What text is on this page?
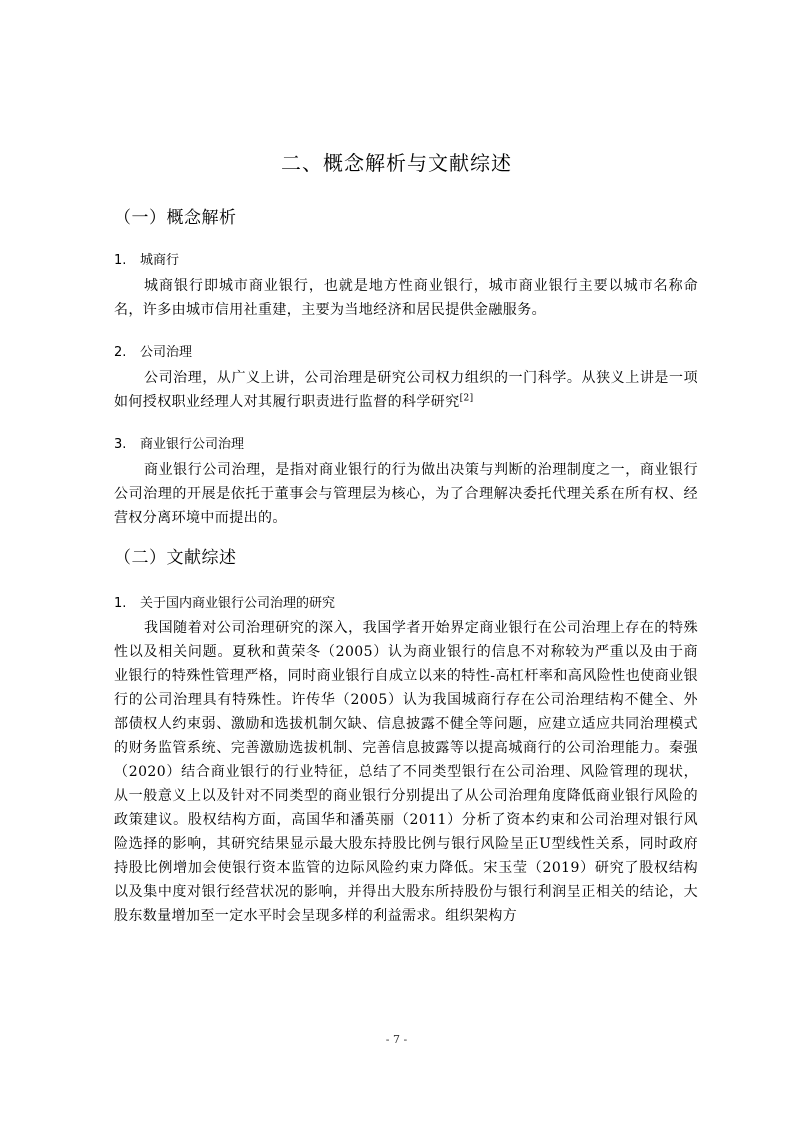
二、概念解析与文献综述
（一）概念解析
1. 城商行
城商银行即城市商业银行，也就是地方性商业银行，城市商业银行主要以城市名称命名，许多由城市信用社重建，主要为当地经济和居民提供金融服务。
2. 公司治理
公司治理，从广义上讲，公司治理是研究公司权力组织的一门科学。从狭义上讲是一项如何授权职业经理人对其履行职责进行监督的科学研究[2]
3. 商业银行公司治理
商业银行公司治理，是指对商业银行的行为做出决策与判断的治理制度之一，商业银行公司治理的开展是依托于董事会与管理层为核心，为了合理解决委托代理关系在所有权、经营权分离环境中而提出的。
（二）文献综述
1. 关于国内商业银行公司治理的研究
我国随着对公司治理研究的深入，我国学者开始界定商业银行在公司治理上存在的特殊性以及相关问题。夏秋和黄荣冬（2005）认为商业银行的信息不对称较为严重以及由于商业银行的特殊性管理严格，同时商业银行自成立以来的特性-高杠杆率和高风险性也使商业银行的公司治理具有特殊性。许传华（2005）认为我国城商行存在公司治理结构不健全、外部债权人约束弱、激励和选拔机制欠缺、信息披露不健全等问题，应建立适应共同治理模式的财务监管系统、完善激励选拔机制、完善信息披露等以提高城商行的公司治理能力。秦强（2020）结合商业银行的行业特征，总结了不同类型银行在公司治理、风险管理的现状，从一般意义上以及针对不同类型的商业银行分别提出了从公司治理角度降低商业银行风险的政策建议。股权结构方面，高国华和潘英丽（2011）分析了资本约束和公司治理对银行风险选择的影响，其研究结果显示最大股东持股比例与银行风险呈正U型线性关系，同时政府持股比例增加会使银行资本监管的边际风险约束力降低。宋玉莹（2019）研究了股权结构以及集中度对银行经营状况的影响，并得出大股东所持股份与银行利润呈正相关的结论，大股东数量增加至一定水平时会呈现多样的利益需求。组织架构方
- 7 -
